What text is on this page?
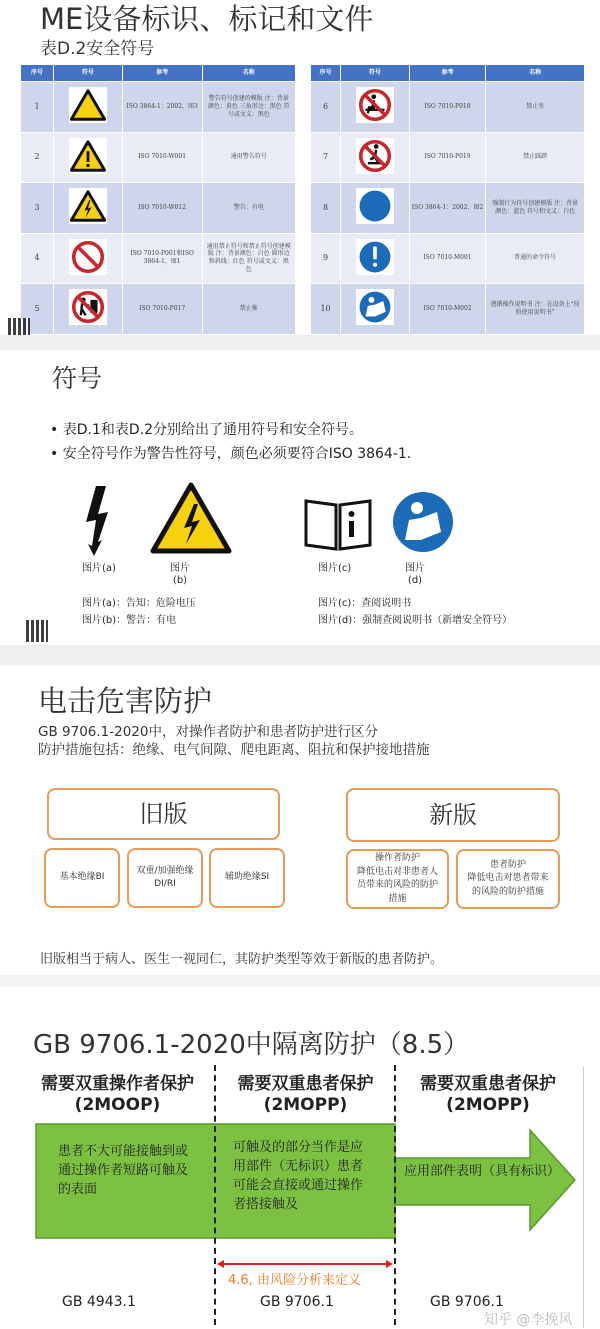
ME设备标识、标记和文件
表D.2安全符号
序号	符号	参考	名称
1		ISO 3864-1：2002，图3	警告符号创建的模版 注：背景颜色：黄色 三角形边：黑色 符号或文义：黑色
2		ISO 7010-W001	通用警告符号
3		ISO 7010-W012	警告：有电
4		ISO 7010-P001和ISO 3864-1，图1	通用禁止符号和禁止符号创建模版 注：背景颜色：白色 圆形边和斜线：红色 符号或文义：黑色
5		ISO 7010-P017	禁止推
序号	符号	参考	名称
6		ISO 7010-P018	禁止坐
7		ISO 7010-P019	禁止踩踏
8		ISO 3864-1：2002，图2	强制行为符号创建模版 注：背景颜色：蓝色 符号和文义：白色
9		ISO 7010-M001	普通的命令符号
10		ISO 7010-M002	遵循操作说明书 注：在设备上“按照使用说明书”
符号
• 表D.1和表D.2分别给出了通用符号和安全符号。
• 安全符号作为警告性符号，颜色必须要符合ISO 3864-1.
图片(a)	图片
(b)
图片(c)	图片
(d)
图片(a)：告知：危险电压
图片(b)：警告：有电
图片(c)：查阅说明书
图片(d)：强制查阅说明书（新增安全符号）
电击危害防护
GB 9706.1-2020中，对操作者防护和患者防护进行区分
防护措施包括：绝缘、电气间隙、爬电距离、阻抗和保护接地措施
旧版
基本绝缘BI
双重/加强绝缘
DI/RI
辅助绝缘SI
新版
操作者防护
降低电击对非患者人员带来的风险的防护措施
患者防护
降低电击对患者带来的风险的防护措施
旧版相当于病人、医生一视同仁，其防护类型等效于新版的患者防护。
GB 9706.1-2020中隔离防护（8.5）
需要双重操作者保护
(2MOOP)
需要双重患者保护
(2MOPP)
需要双重患者保护
(2MOPP)
患者不大可能接触到或通过操作者短路可触及的表面
可触及的部分当作是应用部件（无标识）患者可能会直接或通过操作者搭接触及
应用部件表明（具有标识）
4.6, 由风险分析来定义
GB 4943.1	GB 9706.1	GB 9706.1
知乎 @李挽风
